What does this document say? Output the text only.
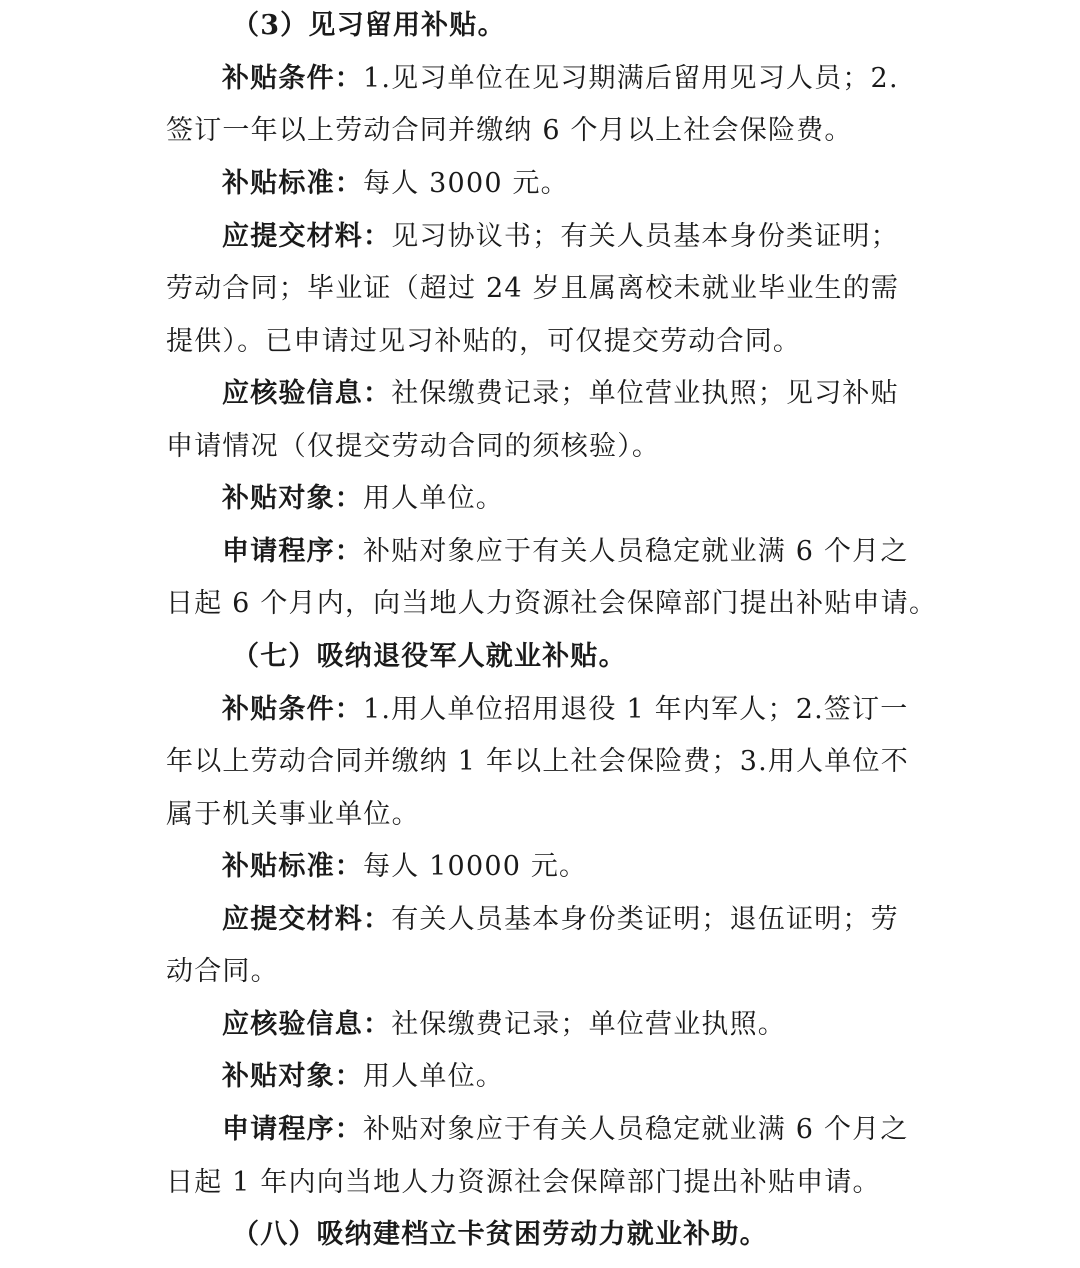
（3）见习留用补贴。
补贴条件：1.见习单位在见习期满后留用见习人员；2.
签订一年以上劳动合同并缴纳 6 个月以上社会保险费。
补贴标准：每人 3000 元。
应提交材料：见习协议书；有关人员基本身份类证明；
劳动合同；毕业证（超过 24 岁且属离校未就业毕业生的需
提供）。已申请过见习补贴的，可仅提交劳动合同。
应核验信息：社保缴费记录；单位营业执照；见习补贴
申请情况（仅提交劳动合同的须核验）。
补贴对象：用人单位。
申请程序：补贴对象应于有关人员稳定就业满 6 个月之
日起 6 个月内，向当地人力资源社会保障部门提出补贴申请。
（七）吸纳退役军人就业补贴。
补贴条件：1.用人单位招用退役 1 年内军人；2.签订一
年以上劳动合同并缴纳 1 年以上社会保险费；3.用人单位不
属于机关事业单位。
补贴标准：每人 10000 元。
应提交材料：有关人员基本身份类证明；退伍证明；劳
动合同。
应核验信息：社保缴费记录；单位营业执照。
补贴对象：用人单位。
申请程序：补贴对象应于有关人员稳定就业满 6 个月之
日起 1 年内向当地人力资源社会保障部门提出补贴申请。
（八）吸纳建档立卡贫困劳动力就业补助。
